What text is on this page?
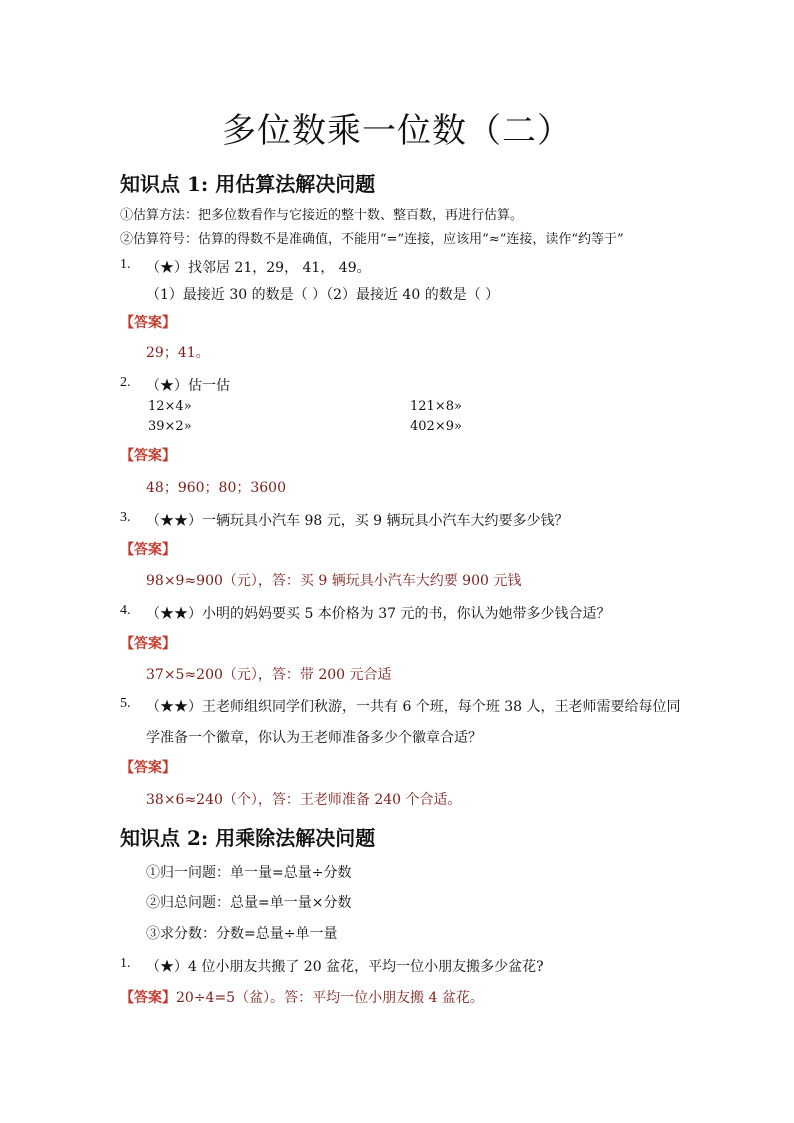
多位数乘一位数（二）
知识点 1: 用估算法解决问题
①估算方法：把多位数看作与它接近的整十数、整百数，再进行估算。
②估算符号：估算的得数不是准确值，不能用“=”连接，应该用“≈”连接，读作“约等于”
1. （★）找邻居 21，29， 41， 49。
（1）最接近 30 的数是（ ）（2）最接近 40 的数是（ ）
【答案】
29；41。
2. （★）估一估
12×4»	121×8»
39×2»	402×9»
【答案】
48；960；80；3600
3. （★★）一辆玩具小汽车 98 元，买 9 辆玩具小汽车大约要多少钱？
【答案】
98×9≈900（元），答：买 9 辆玩具小汽车大约要 900 元钱
4. （★★）小明的妈妈要买 5 本价格为 37 元的书，你认为她带多少钱合适？
【答案】
37×5≈200（元），答：带 200 元合适
5. （★★）王老师组织同学们秋游，一共有 6 个班，每个班 38 人，王老师需要给每位同
学准备一个徽章，你认为王老师准备多少个徽章合适？
【答案】
38×6≈240（个），答：王老师准备 240 个合适。
知识点 2: 用乘除法解决问题
①归一问题：单一量=总量÷分数
②归总问题：总量=单一量×分数
③求分数：分数=总量÷单一量
1. （★）4 位小朋友共搬了 20 盆花，平均一位小朋友搬多少盆花?
【答案】 20÷4=5（盆）。答：平均一位小朋友搬 4 盆花。
